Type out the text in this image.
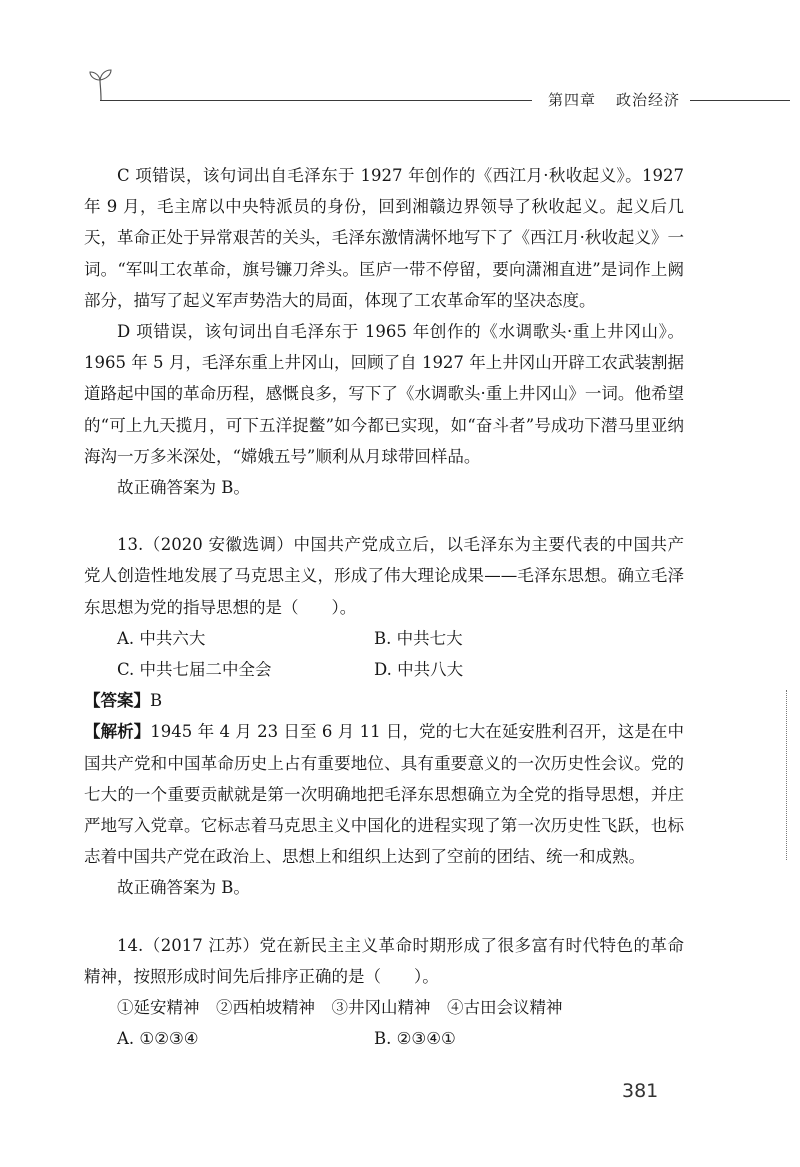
第四章 政治经济

C 项错误，该句词出自毛泽东于 1927 年创作的《西江月·秋收起义》。1927 年 9 月，毛主席以中央特派员的身份，回到湘赣边界领导了秋收起义。起义后几天，革命正处于异常艰苦的关头，毛泽东激情满怀地写下了《西江月·秋收起义》一词。“军叫工农革命，旗号镰刀斧头。匡庐一带不停留，要向潇湘直进”是词作上阙部分，描写了起义军声势浩大的局面，体现了工农革命军的坚决态度。

D 项错误，该句词出自毛泽东于 1965 年创作的《水调歌头·重上井冈山》。1965 年 5 月，毛泽东重上井冈山，回顾了自 1927 年上井冈山开辟工农武装割据道路起中国的革命历程，感慨良多，写下了《水调歌头·重上井冈山》一词。他希望的“可上九天揽月，可下五洋捉鳖”如今都已实现，如“奋斗者”号成功下潜马里亚纳海沟一万多米深处，“嫦娥五号”顺利从月球带回样品。

故正确答案为 B。

13.（2020 安徽选调）中国共产党成立后，以毛泽东为主要代表的中国共产党人创造性地发展了马克思主义，形成了伟大理论成果——毛泽东思想。确立毛泽东思想为党的指导思想的是（　　）。

A. 中共六大	B. 中共七大
C. 中共七届二中全会	D. 中共八大

【答案】B

【解析】1945 年 4 月 23 日至 6 月 11 日，党的七大在延安胜利召开，这是在中国共产党和中国革命历史上占有重要地位、具有重要意义的一次历史性会议。党的七大的一个重要贡献就是第一次明确地把毛泽东思想确立为全党的指导思想，并庄严地写入党章。它标志着马克思主义中国化的进程实现了第一次历史性飞跃，也标志着中国共产党在政治上、思想上和组织上达到了空前的团结、统一和成熟。

故正确答案为 B。

14.（2017 江苏）党在新民主主义革命时期形成了很多富有时代特色的革命精神，按照形成时间先后排序正确的是（　　）。

①延安精神　②西柏坡精神　③井冈山精神　④古田会议精神

A. ①②③④	B. ②③④①
381
